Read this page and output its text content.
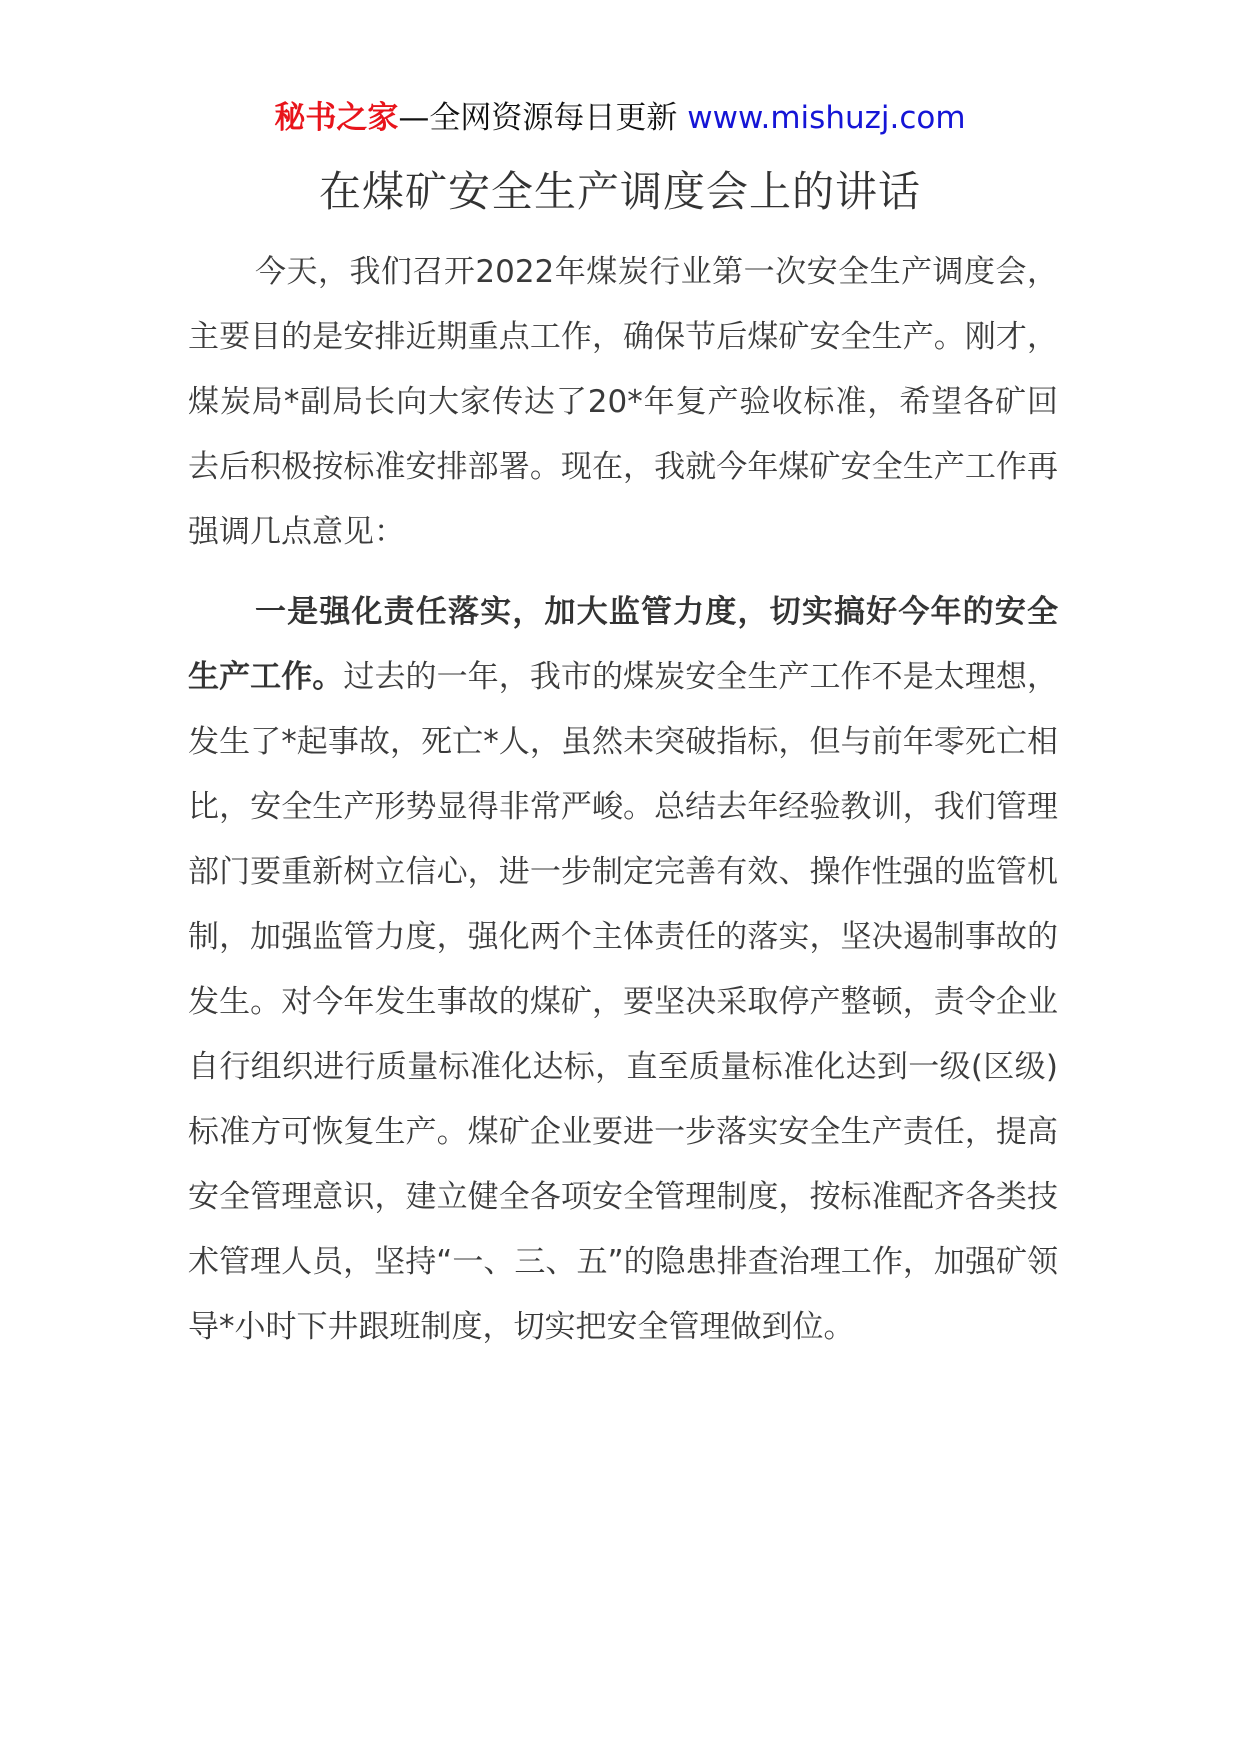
秘书之家—全网资源每日更新 www.mishuzj.com
在煤矿安全生产调度会上的讲话

今天，我们召开2022年煤炭行业第一次安全生产调度会，主要目的是安排近期重点工作，确保节后煤矿安全生产。刚才，煤炭局*副局长向大家传达了20*年复产验收标准，希望各矿回去后积极按标准安排部署。现在，我就今年煤矿安全生产工作再强调几点意见：

一是强化责任落实，加大监管力度，切实搞好今年的安全生产工作。过去的一年，我市的煤炭安全生产工作不是太理想，发生了*起事故，死亡*人，虽然未突破指标，但与前年零死亡相比，安全生产形势显得非常严峻。总结去年经验教训，我们管理部门要重新树立信心，进一步制定完善有效、操作性强的监管机制，加强监管力度，强化两个主体责任的落实，坚决遏制事故的发生。对今年发生事故的煤矿，要坚决采取停产整顿，责令企业自行组织进行质量标准化达标，直至质量标准化达到一级(区级)标准方可恢复生产。煤矿企业要进一步落实安全生产责任，提高安全管理意识，建立健全各项安全管理制度，按标准配齐各类技术管理人员，坚持“一、三、五”的隐患排查治理工作，加强矿领导*小时下井跟班制度，切实把安全管理做到位。
